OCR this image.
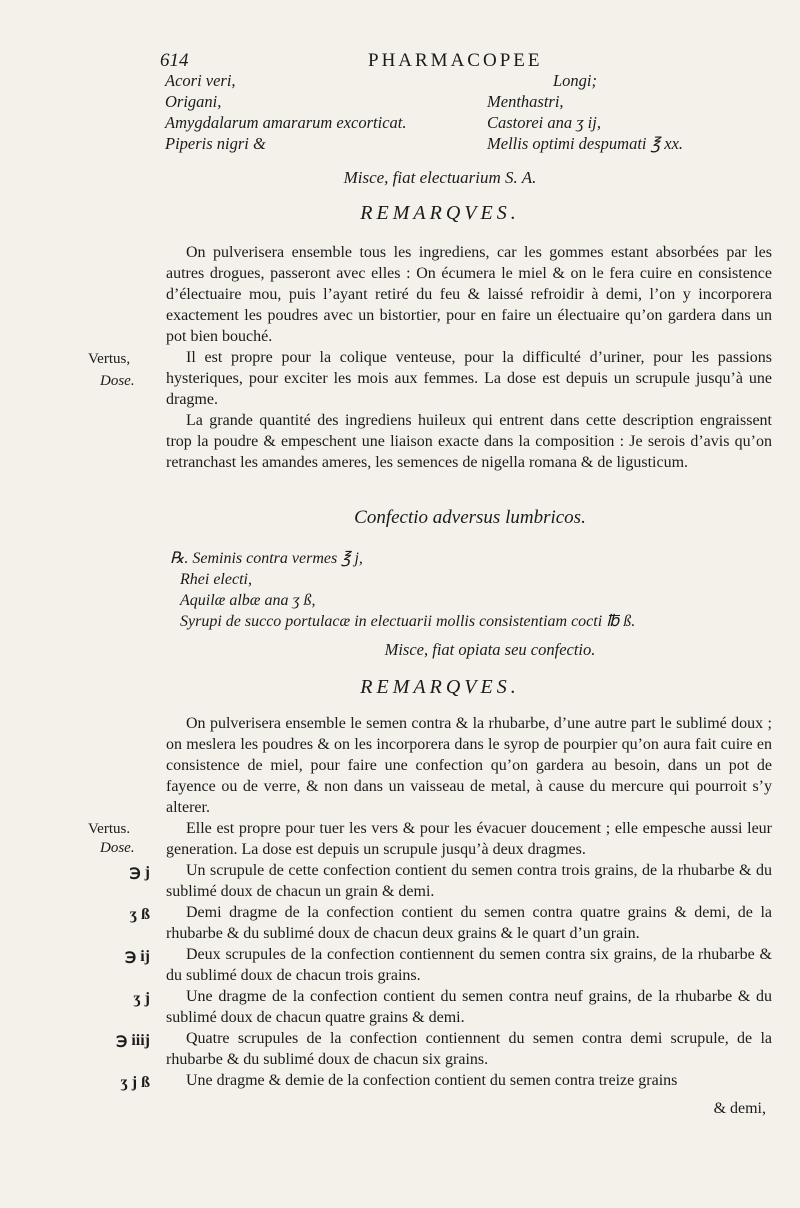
614	PHARMACOPEE
Acori veri,	Longi;
Origani,	Menthastri,
Amygdalarum amararum excorticat.	Castorei ana ʒ ij,
Piperis nigri &	Mellis optimi despumati ℥ xx.
Misce, fiat electuarium S. A.
REMARQVES.
Vertus,
Dose.

On pulverisera ensemble tous les ingrediens, car les gommes estant absorbées par les autres drogues, passeront avec elles : On écumera le miel & on le fera cuire en consistence d’électuaire mou, puis l’ayant retiré du feu & laissé refroidir à demi, l’on y incorporera exactement les poudres avec un bistortier, pour en faire un électuaire qu’on gardera dans un pot bien bouché.

Il est propre pour la colique venteuse, pour la difficulté d’uriner, pour les passions hysteriques, pour exciter les mois aux femmes. La dose est depuis un scrupule jusqu’à une dragme.

La grande quantité des ingrediens huileux qui entrent dans cette description engraissent trop la poudre & empeschent une liaison exacte dans la composition : Je serois d’avis qu’on retranchast les amandes ameres, les semences de nigella romana & de ligusticum.

Confectio adversus lumbricos.
℞. Seminis contra vermes ℥ j,
Rhei electi,
Aquilæ albæ ana ʒ ß,
Syrupi de succo portulacæ in electuarii mollis consistentiam cocti ℔ ß.
Misce, fiat opiata seu confectio.
REMARQVES.
Vertus.
Dose.

On pulverisera ensemble le semen contra & la rhubarbe, d’une autre part le sublimé doux ; on meslera les poudres & on les incorporera dans le syrop de pourpier qu’on aura fait cuire en consistence de miel, pour faire une confection qu’on gardera au besoin, dans un pot de fayence ou de verre, & non dans un vaisseau de metal, à cause du mercure qui pourroit s’y alterer.

Elle est propre pour tuer les vers & pour les évacuer doucement ; elle empesche aussi leur generation. La dose est depuis un scrupule jusqu’à deux dragmes.

℈ j	Un scrupule de cette confection contient du semen contra trois grains, de la rhubarbe & du sublimé doux de chacun un grain & demi.

ʒ ß	Demi dragme de la confection contient du semen contra quatre grains & demi, de la rhubarbe & du sublimé doux de chacun deux grains & le quart d’un grain.

℈ ij	Deux scrupules de la confection contiennent du semen contra six grains, de la rhubarbe & du sublimé doux de chacun trois grains.

ʒ j	Une dragme de la confection contient du semen contra neuf grains, de la rhubarbe & du sublimé doux de chacun quatre grains & demi.

℈ iiij	Quatre scrupules de la confection contiennent du semen contra demi scrupule, de la rhubarbe & du sublimé doux de chacun six grains.

ʒ j ß	Une dragme & demie de la confection contient du semen contra treize grains

& demi,
